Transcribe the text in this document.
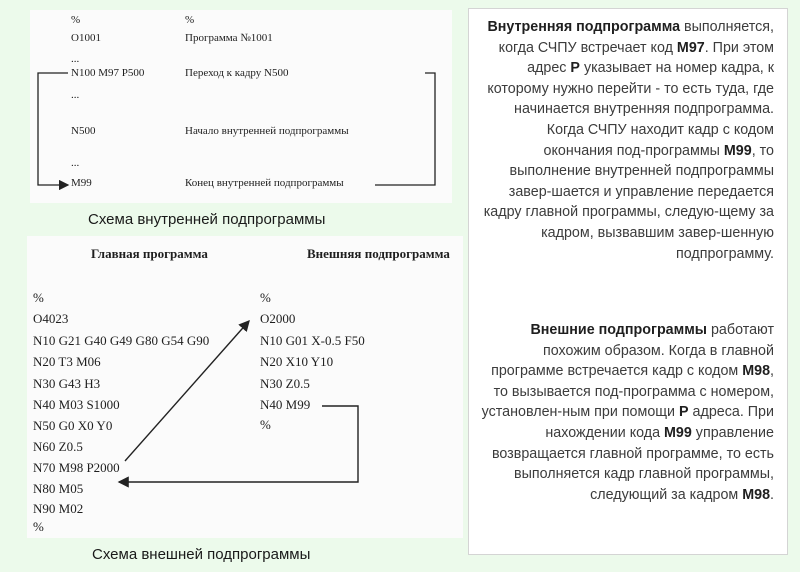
%
O1001
...
N100 M97 P500
...
N500
...
M99
%
Программа №1001
Переход к кадру N500
Начало внутренней подпрограммы
Конец внутренней подпрограммы
Схема внутренней подпрограммы
Главная программа	Внешняя подпрограмма
%
O4023
N10 G21 G40 G49 G80 G54 G90
N20 T3 M06
N30 G43 H3
N40 M03 S1000
N50 G0 X0 Y0
N60 Z0.5
N70 M98 P2000
N80 M05
N90 M02
%
%
O2000
N10 G01 X-0.5 F50
N20 X10 Y10
N30 Z0.5
N40 M99
%
Схема внешней подпрограммы
Внутренняя подпрограмма выполняется, когда СЧПУ встречает код M97. При этом адрес P указывает на номер кадра, к которому нужно перейти - то есть туда, где начинается внутренняя подпрограмма. Когда СЧПУ находит кадр с кодом окончания под-программы M99, то выполнение внутренней подпрограммы завер-шается и управление передается кадру главной программы, следую-щему за кадром, вызвавшим завер-шенную подпрограмму.
Внешние подпрограммы работают похожим образом. Когда в главной программе встречается кадр с кодом M98, то вызывается под-программа с номером, установлен-ным при помощи P адреса. При нахождении кода M99 управление возвращается главной программе, то есть выполняется кадр главной программы, следующий за кадром M98.
